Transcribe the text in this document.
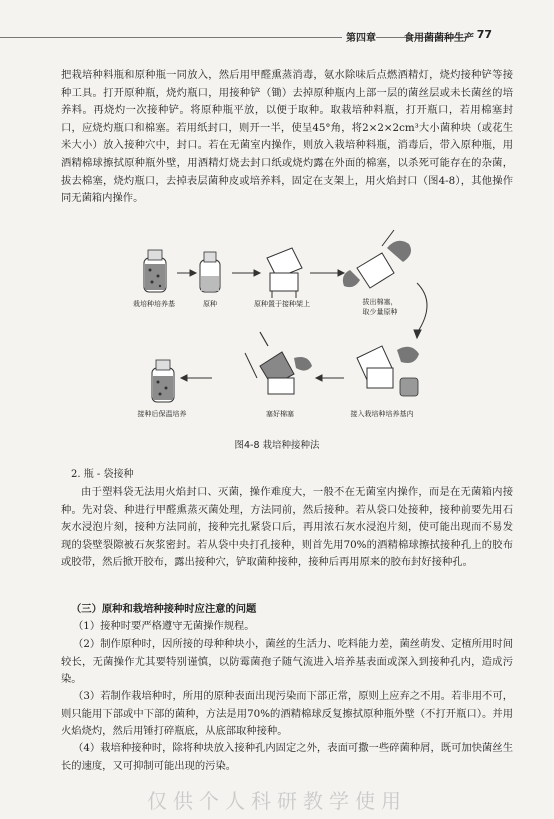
第四章	食用菌菌种生产 77
把栽培种料瓶和原种瓶一同放入，然后用甲醛熏蒸消毒，氨水除味后点燃酒精灯，烧灼接种铲等接种工具。打开原种瓶，烧灼瓶口，用接种铲（锄）去掉原种瓶内上部一层的菌丝层或未长菌丝的培养料。再烧灼一次接种铲。将原种瓶平放，以便于取种。取栽培种料瓶，打开瓶口，若用棉塞封口，应烧灼瓶口和棉塞。若用纸封口，则开一半，使呈45°角，将2×2×2cm³大小菌种块（或花生米大小）放入接种穴中，封口。若在无菌室内操作，则放入栽培种料瓶，消毒后，带入原种瓶，用酒精棉球擦拭原种瓶外壁，用酒精灯烧去封口纸或烧灼露在外面的棉塞，以杀死可能存在的杂菌，拔去棉塞，烧灼瓶口，去掉表层菌种皮或培养料，固定在支架上，用火焰封口（图4-8），其他操作同无菌箱内操作。
栽培种培养基	原种	原种置于接种架上	拔出棉塞，
取少量原种
接入栽培种培养基内
塞好棉塞
接种后保温培养
图4-8 栽培种接种法
2. 瓶 - 袋接种
由于塑料袋无法用火焰封口、灭菌，操作难度大，一般不在无菌室内操作，而是在无菌箱内接种。先对袋、种进行甲醛熏蒸灭菌处理，方法同前，然后接种。若从袋口处接种，接种前要先用石灰水浸泡片刻，接种方法同前，接种完扎紧袋口后，再用浓石灰水浸泡片刻，使可能出现而不易发现的袋壁裂隙被石灰浆密封。若从袋中央打孔接种，则首先用70%的酒精棉球擦拭接种孔上的胶布或胶带，然后掀开胶布，露出接种穴，铲取菌种接种，接种后再用原来的胶布封好接种孔。
（三）原种和栽培种接种时应注意的问题
（1）接种时要严格遵守无菌操作规程。
（2）制作原种时，因所接的母种种块小，菌丝的生活力、吃料能力差，菌丝萌发、定植所用时间较长，无菌操作尤其要特别谨慎，以防霉菌孢子随气流进入培养基表面或深入到接种孔内，造成污染。
（3）若制作栽培种时，所用的原种表面出现污染而下部正常，原则上应弃之不用。若非用不可，则只能用下部或中下部的菌种，方法是用70%的酒精棉球反复擦拭原种瓶外壁（不打开瓶口）。并用火焰烧灼，然后用锤打碎瓶底，从底部取种接种。
（4）栽培种接种时，除将种块放入接种孔内固定之外，表面可撒一些碎菌种屑，既可加快菌丝生长的速度，又可抑制可能出现的污染。
仅供个人科研教学使用
